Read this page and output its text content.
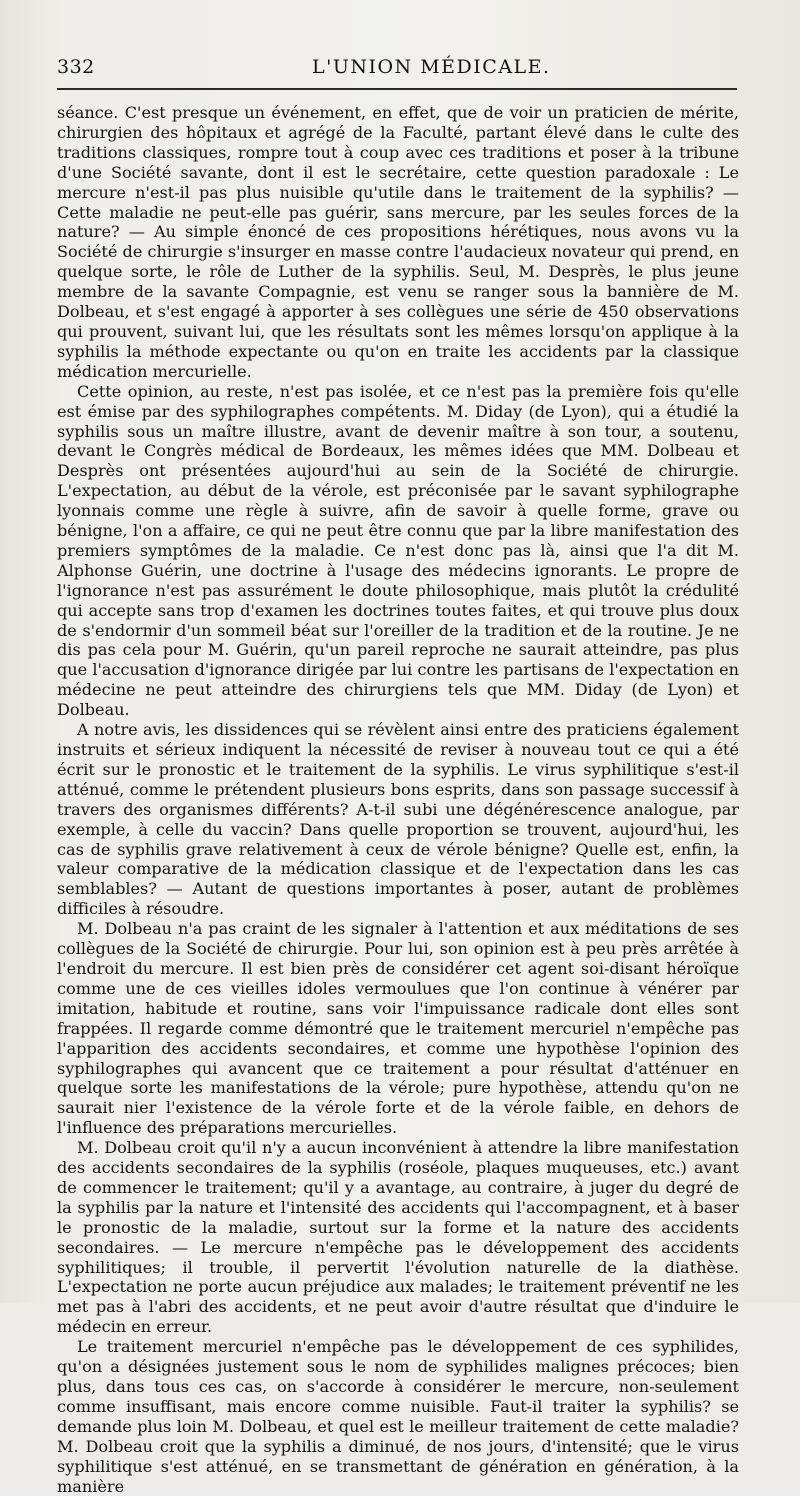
332	L'UNION MÉDICALE.

séance. C'est presque un événement, en effet, que de voir un praticien de mérite, chirurgien des hôpitaux et agrégé de la Faculté, partant élevé dans le culte des traditions classiques, rompre tout à coup avec ces traditions et poser à la tribune d'une Société savante, dont il est le secrétaire, cette question paradoxale : Le mercure n'est-il pas plus nuisible qu'utile dans le traitement de la syphilis? — Cette maladie ne peut-elle pas guérir, sans mercure, par les seules forces de la nature? — Au simple énoncé de ces propositions hérétiques, nous avons vu la Société de chirurgie s'insurger en masse contre l'audacieux novateur qui prend, en quelque sorte, le rôle de Luther de la syphilis. Seul, M. Desprès, le plus jeune membre de la savante Compagnie, est venu se ranger sous la bannière de M. Dolbeau, et s'est engagé à apporter à ses collègues une série de 450 observations qui prouvent, suivant lui, que les résultats sont les mêmes lorsqu'on applique à la syphilis la méthode expectante ou qu'on en traite les accidents par la classique médication mercurielle.

Cette opinion, au reste, n'est pas isolée, et ce n'est pas la première fois qu'elle est émise par des syphilographes compétents. M. Diday (de Lyon), qui a étudié la syphilis sous un maître illustre, avant de devenir maître à son tour, a soutenu, devant le Congrès médical de Bordeaux, les mêmes idées que MM. Dolbeau et Desprès ont présentées aujourd'hui au sein de la Société de chirurgie. L'expectation, au début de la vérole, est préconisée par le savant syphilographe lyonnais comme une règle à suivre, afin de savoir à quelle forme, grave ou bénigne, l'on a affaire, ce qui ne peut être connu que par la libre manifestation des premiers symptômes de la maladie. Ce n'est donc pas là, ainsi que l'a dit M. Alphonse Guérin, une doctrine à l'usage des médecins ignorants. Le propre de l'ignorance n'est pas assurément le doute philosophique, mais plutôt la crédulité qui accepte sans trop d'examen les doctrines toutes faites, et qui trouve plus doux de s'endormir d'un sommeil béat sur l'oreiller de la tradition et de la routine. Je ne dis pas cela pour M. Guérin, qu'un pareil reproche ne saurait atteindre, pas plus que l'accusation d'ignorance dirigée par lui contre les partisans de l'expectation en médecine ne peut atteindre des chirurgiens tels que MM. Diday (de Lyon) et Dolbeau.

A notre avis, les dissidences qui se révèlent ainsi entre des praticiens également instruits et sérieux indiquent la nécessité de reviser à nouveau tout ce qui a été écrit sur le pronostic et le traitement de la syphilis. Le virus syphilitique s'est-il atténué, comme le prétendent plusieurs bons esprits, dans son passage successif à travers des organismes différents? A-t-il subi une dégénérescence analogue, par exemple, à celle du vaccin? Dans quelle proportion se trouvent, aujourd'hui, les cas de syphilis grave relativement à ceux de vérole bénigne? Quelle est, enfin, la valeur comparative de la médication classique et de l'expectation dans les cas semblables? — Autant de questions importantes à poser, autant de problèmes difficiles à résoudre.

M. Dolbeau n'a pas craint de les signaler à l'attention et aux méditations de ses collègues de la Société de chirurgie. Pour lui, son opinion est à peu près arrêtée à l'endroit du mercure. Il est bien près de considérer cet agent soi-disant héroïque comme une de ces vieilles idoles vermoulues que l'on continue à vénérer par imitation, habitude et routine, sans voir l'impuissance radicale dont elles sont frappées. Il regarde comme démontré que le traitement mercuriel n'empêche pas l'apparition des accidents secondaires, et comme une hypothèse l'opinion des syphilographes qui avancent que ce traitement a pour résultat d'atténuer en quelque sorte les manifestations de la vérole; pure hypothèse, attendu qu'on ne saurait nier l'existence de la vérole forte et de la vérole faible, en dehors de l'influence des préparations mercurielles.

M. Dolbeau croit qu'il n'y a aucun inconvénient à attendre la libre manifestation des accidents secondaires de la syphilis (roséole, plaques muqueuses, etc.) avant de commencer le traitement; qu'il y a avantage, au contraire, à juger du degré de la syphilis par la nature et l'intensité des accidents qui l'accompagnent, et à baser le pronostic de la maladie, surtout sur la forme et la nature des accidents secondaires. — Le mercure n'empêche pas le développement des accidents syphilitiques; il trouble, il pervertit l'évolution naturelle de la diathèse. L'expectation ne porte aucun préjudice aux malades; le traitement préventif ne les met pas à l'abri des accidents, et ne peut avoir d'autre résultat que d'induire le médecin en erreur.

Le traitement mercuriel n'empêche pas le développement de ces syphilides, qu'on a désignées justement sous le nom de syphilides malignes précoces; bien plus, dans tous ces cas, on s'accorde à considérer le mercure, non-seulement comme insuffisant, mais encore comme nuisible. Faut-il traiter la syphilis? se demande plus loin M. Dolbeau, et quel est le meilleur traitement de cette maladie? M. Dolbeau croit que la syphilis a diminué, de nos jours, d'intensité; que le virus syphilitique s'est atténué, en se transmettant de génération en génération, à la manière
